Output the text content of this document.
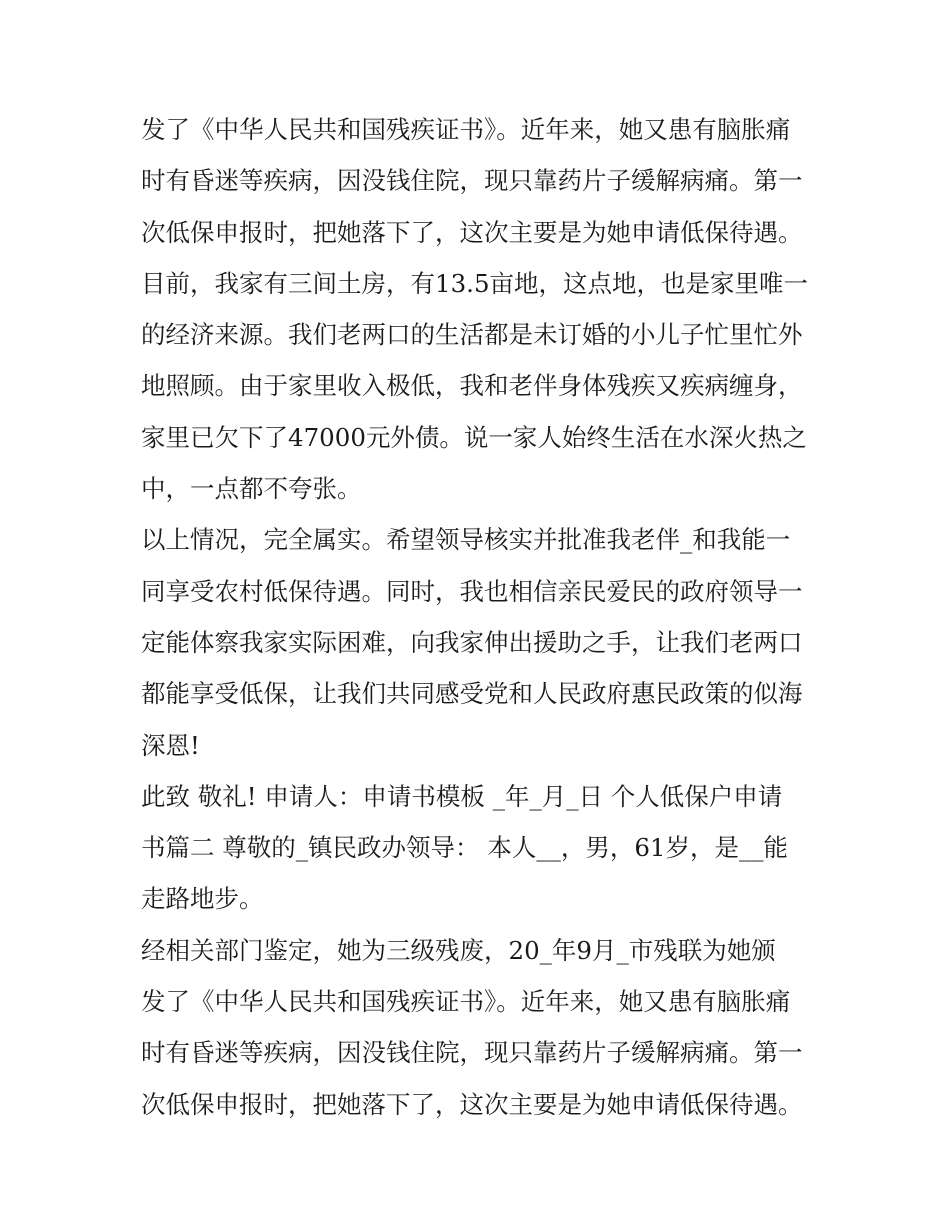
发了《中华人民共和国残疾证书》。近年来，她又患有脑胀痛
时有昏迷等疾病，因没钱住院，现只靠药片子缓解病痛。第一
次低保申报时，把她落下了，这次主要是为她申请低保待遇。
目前，我家有三间土房，有13.5亩地，这点地，也是家里唯一
的经济来源。我们老两口的生活都是未订婚的小儿子忙里忙外
地照顾。由于家里收入极低，我和老伴身体残疾又疾病缠身，
家里已欠下了47000元外债。说一家人始终生活在水深火热之
中，一点都不夸张。
以上情况，完全属实。希望领导核实并批准我老伴_和我能一
同享受农村低保待遇。同时，我也相信亲民爱民的政府领导一
定能体察我家实际困难，向我家伸出援助之手，让我们老两口
都能享受低保，让我们共同感受党和人民政府惠民政策的似海
深恩!
此致 敬礼! 申请人：申请书模板 _年_月_日 个人低保户申请
书篇二 尊敬的_镇民政办领导： 本人__，男，61岁，是__能
走路地步。
经相关部门鉴定，她为三级残废，20_年9月_市残联为她颁
发了《中华人民共和国残疾证书》。近年来，她又患有脑胀痛
时有昏迷等疾病，因没钱住院，现只靠药片子缓解病痛。第一
次低保申报时，把她落下了，这次主要是为她申请低保待遇。
